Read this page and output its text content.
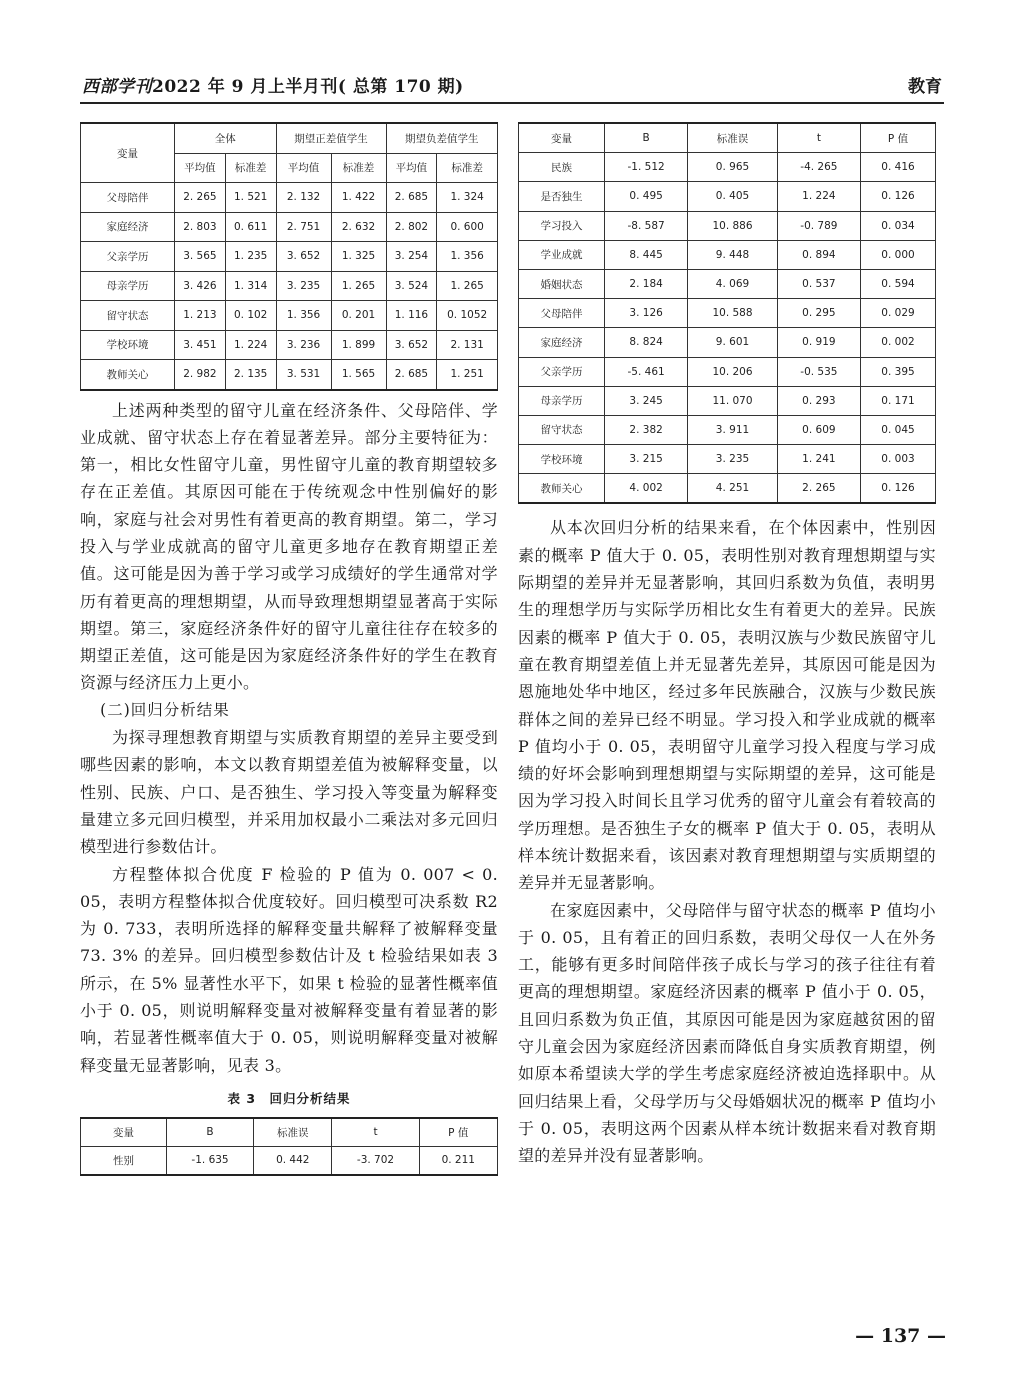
西部学刊2022 年 9 月上半月刊( 总第 170 期)	教育
变量	全体		期望正差值学生		期望负差值学生	
	平均值	标准差	平均值	标准差	平均值	标准差
父母陪伴	2. 265	1. 521	2. 132	1. 422	2. 685	1. 324
家庭经济	2. 803	0. 611	2. 751	2. 632	2. 802	0. 600
父亲学历	3. 565	1. 235	3. 652	1. 325	3. 254	1. 356
母亲学历	3. 426	1. 314	3. 235	1. 265	3. 524	1. 265
留守状态	1. 213	0. 102	1. 356	0. 201	1. 116	0. 1052
学校环境	3. 451	1. 224	3. 236	1. 899	3. 652	2. 131
教师关心	2. 982	2. 135	3. 531	1. 565	2. 685	1. 251

上述两种类型的留守儿童在经济条件、父母陪伴、学业成就、留守状态上存在着显著差异。部分主要特征为：第一，相比女性留守儿童，男性留守儿童的教育期望较多存在正差值。其原因可能在于传统观念中性别偏好的影响，家庭与社会对男性有着更高的教育期望。第二，学习投入与学业成就高的留守儿童更多地存在教育期望正差值。这可能是因为善于学习或学习成绩好的学生通常对学历有着更高的理想期望，从而导致理想期望显著高于实际期望。第三，家庭经济条件好的留守儿童往往存在较多的期望正差值，这可能是因为家庭经济条件好的学生在教育资源与经济压力上更小。

(二)回归分析结果

为探寻理想教育期望与实质教育期望的差异主要受到哪些因素的影响，本文以教育期望差值为被解释变量，以性别、民族、户口、是否独生、学习投入等变量为解释变量建立多元回归模型，并采用加权最小二乘法对多元回归模型进行参数估计。

方程整体拟合优度 F 检验的 P 值为 0. 007 < 0. 05，表明方程整体拟合优度较好。回归模型可决系数 R2 为 0. 733，表明所选择的解释变量共解释了被解释变量 73. 3% 的差异。回归模型参数估计及 t 检验结果如表 3 所示，在 5% 显著性水平下，如果 t 检验的显著性概率值小于 0. 05，则说明解释变量对被解释变量有着显著的影响，若显著性概率值大于 0. 05，则说明解释变量对被解释变量无显著影响，见表 3。

表 3　回归分析结果
变量	B	标准误	t	P 值
性别	-1. 635	0. 442	-3. 702	0. 211
变量	B	标准误	t	P 值
民族	-1. 512	0. 965	-4. 265	0. 416
是否独生	0. 495	0. 405	1. 224	0. 126
学习投入	-8. 587	10. 886	-0. 789	0. 034
学业成就	8. 445	9. 448	0. 894	0. 000
婚姻状态	2. 184	4. 069	0. 537	0. 594
父母陪伴	3. 126	10. 588	0. 295	0. 029
家庭经济	8. 824	9. 601	0. 919	0. 002
父亲学历	-5. 461	10. 206	-0. 535	0. 395
母亲学历	3. 245	11. 070	0. 293	0. 171
留守状态	2. 382	3. 911	0. 609	0. 045
学校环境	3. 215	3. 235	1. 241	0. 003
教师关心	4. 002	4. 251	2. 265	0. 126

从本次回归分析的结果来看，在个体因素中，性别因素的概率 P 值大于 0. 05，表明性别对教育理想期望与实际期望的差异并无显著影响，其回归系数为负值，表明男生的理想学历与实际学历相比女生有着更大的差异。民族因素的概率 P 值大于 0. 05，表明汉族与少数民族留守儿童在教育期望差值上并无显著先差异，其原因可能是因为恩施地处华中地区，经过多年民族融合，汉族与少数民族群体之间的差异已经不明显。学习投入和学业成就的概率 P 值均小于 0. 05，表明留守儿童学习投入程度与学习成绩的好坏会影响到理想期望与实际期望的差异，这可能是因为学习投入时间长且学习优秀的留守儿童会有着较高的学历理想。是否独生子女的概率 P 值大于 0. 05，表明从样本统计数据来看，该因素对教育理想期望与实质期望的差异并无显著影响。

在家庭因素中，父母陪伴与留守状态的概率 P 值均小于 0. 05，且有着正的回归系数，表明父母仅一人在外务工，能够有更多时间陪伴孩子成长与学习的孩子往往有着更高的理想期望。家庭经济因素的概率 P 值小于 0. 05，且回归系数为负正值，其原因可能是因为家庭越贫困的留守儿童会因为家庭经济因素而降低自身实质教育期望，例如原本希望读大学的学生考虑家庭经济被迫选择职中。从回归结果上看，父母学历与父母婚姻状况的概率 P 值均小于 0. 05，表明这两个因素从样本统计数据来看对教育期望的差异并没有显著影响。

— 137 —
